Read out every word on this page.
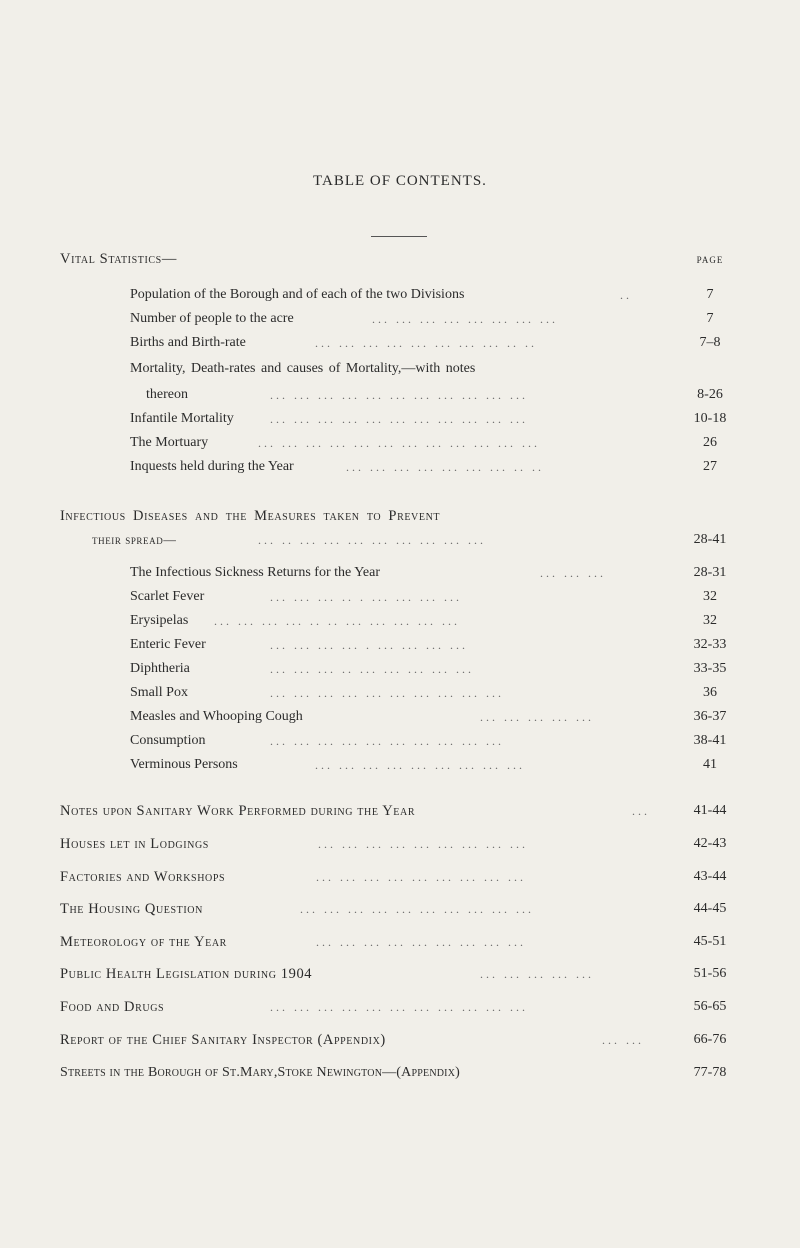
TABLE OF CONTENTS.
Vital Statistics—	page
Population of the Borough and of each of the two Divisions	..	7
Number of people to the acre	... ... ... ... ... ... ... ...	7
Births and Birth-rate	... ... ... ... ... ... ... ... .. ..	7–8
Mortality, Death-rates and causes of Mortality,—with notes
thereon	... ... ... ... ... ... ... ... ... ... ...	8-26
Infantile Mortality	... ... ... ... ... ... ... ... ... ... ...	10-18
The Mortuary	... ... ... ... ... ... ... ... ... ... ... ...	26
Inquests held during the Year	... ... ... ... ... ... ... .. ..	27
Infectious Diseases and the Measures taken to Prevent
their spread—	... .. ... ... ... ... ... ... ... ...	28-41
The Infectious Sickness Returns for the Year	... ... ...	28-31
Scarlet Fever	... ... ... .. . ... ... ... ...	32
Erysipelas ... ... ... ... .. .. ... ... ... ... ...	32
Enteric Fever	... ... ... ... . ... ... ... ...	32-33
Diphtheria	... ... ... .. ... ... ... ... ...	33-35
Small Pox	... ... ... ... ... ... ... ... ... ...	36
Measles and Whooping Cough	... ... ... ... ...	36-37
Consumption	... ... ... ... ... ... ... ... ... ...	38-41
Verminous Persons	... ... ... ... ... ... ... ... ...	41
Notes upon Sanitary Work Performed during the Year	...	41-44
Houses let in Lodgings	... ... ... ... ... ... ... ... ...	42-43
Factories and Workshops	... ... ... ... ... ... ... ... ...	43-44
The Housing Question	... ... ... ... ... ... ... ... ... ...	44-45
Meteorology of the Year	... ... ... ... ... ... ... ... ...	45-51
Public Health Legislation during 1904	... ... ... ... ...	51-56
Food and Drugs	... ... ... ... ... ... ... ... ... ... ...	56-65
Report of the Chief Sanitary Inspector (Appendix)	... ...	66-76
Streets in the Borough of St.Mary,Stoke Newington—(Appendix)	77-78
